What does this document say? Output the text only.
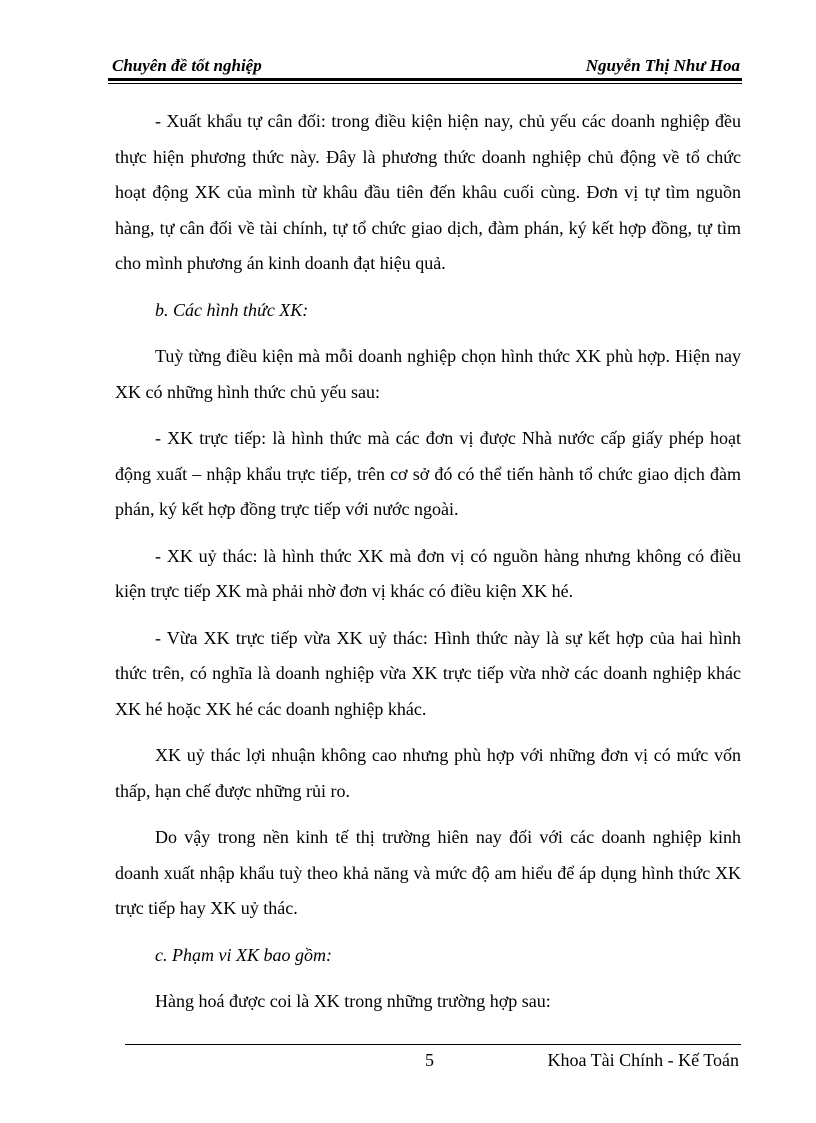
Chuyên đề tốt nghiệp	Nguyễn Thị Như Hoa

- Xuất khẩu tự cân đối: trong điều kiện hiện nay, chủ yếu các doanh nghiệp đều thực hiện phương thức này. Đây là phương thức doanh nghiệp chủ động về tổ chức hoạt động XK của mình từ khâu đầu tiên đến khâu cuối cùng. Đơn vị tự tìm nguồn hàng, tự cân đối về tài chính, tự tổ chức giao dịch, đàm phán, ký kết hợp đồng, tự tìm cho mình phương án kinh doanh đạt hiệu quả.

b. Các hình thức XK:

Tuỳ từng điều kiện mà mỗi doanh nghiệp chọn hình thức XK phù hợp. Hiện nay XK có những hình thức chủ yếu sau:

- XK trực tiếp: là hình thức mà các đơn vị được Nhà nước cấp giấy phép hoạt động xuất – nhập khẩu trực tiếp, trên cơ sở đó có thể tiến hành tổ chức giao dịch đàm phán, ký kết hợp đồng trực tiếp với nước ngoài.

- XK uỷ thác: là hình thức XK mà đơn vị có nguồn hàng nhưng không có điều kiện trực tiếp XK mà phải nhờ đơn vị khác có điều kiện XK hé.

- Vừa XK trực tiếp vừa XK uỷ thác: Hình thức này là sự kết hợp của hai hình thức trên, có nghĩa là doanh nghiệp vừa XK trực tiếp vừa nhờ các doanh nghiệp khác XK hé hoặc XK hé các doanh nghiệp khác.

XK uỷ thác lợi nhuận không cao nhưng phù hợp với những đơn vị có mức vốn thấp, hạn chế được những rủi ro.

Do vậy trong nền kinh tế thị trường hiên nay đối với các doanh nghiệp kinh doanh xuất nhập khẩu tuỳ theo khả năng và mức độ am hiểu để áp dụng hình thức XK trực tiếp hay XK uỷ thác.

c. Phạm vi XK bao gồm:

Hàng hoá được coi là XK trong những trường hợp sau:

5	Khoa Tài Chính - Kế Toán
